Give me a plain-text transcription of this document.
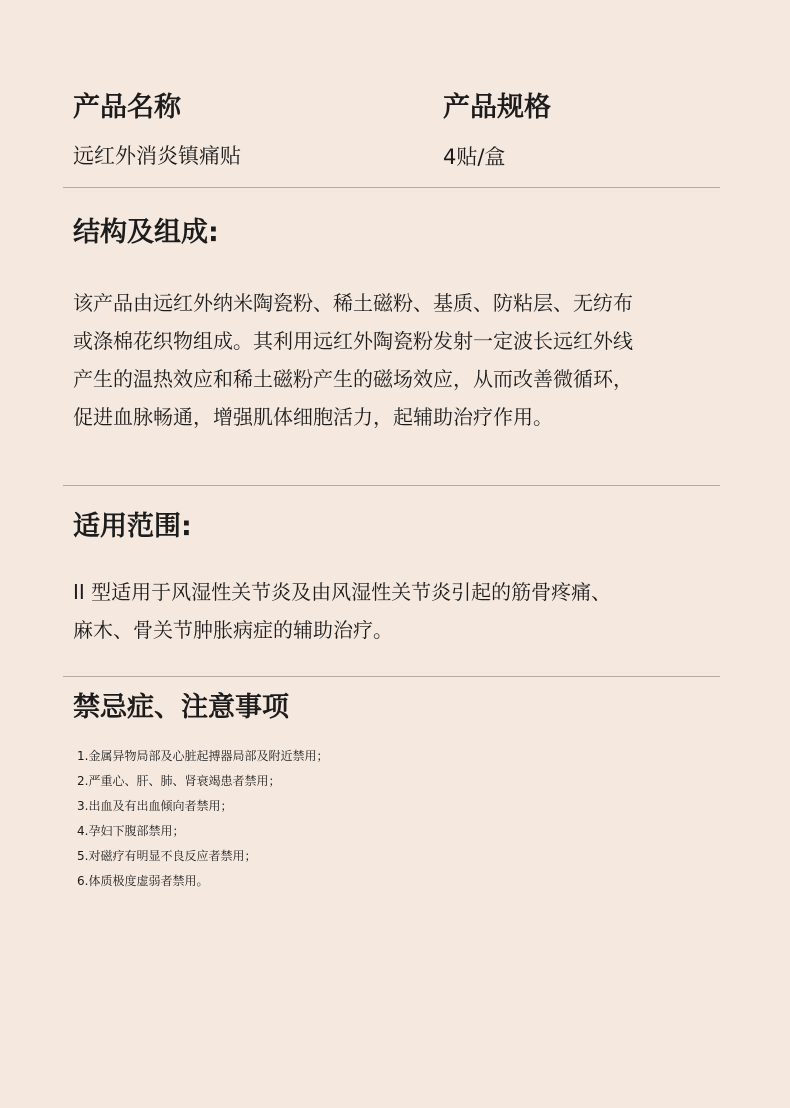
产品名称
远红外消炎镇痛贴
产品规格
4贴/盒
结构及组成:

该产品由远红外纳米陶瓷粉、稀土磁粉、基质、防粘层、无纺布

或涤棉花织物组成。其利用远红外陶瓷粉发射一定波长远红外线

产生的温热效应和稀土磁粉产生的磁场效应，从而改善微循环，

促进血脉畅通，增强肌体细胞活力，起辅助治疗作用。

适用范围:

II 型适用于风湿性关节炎及由风湿性关节炎引起的筋骨疼痛、

麻木、骨关节肿胀病症的辅助治疗。

禁忌症、注意事项

1.金属异物局部及心脏起搏器局部及附近禁用；

2.严重心、肝、肺、肾衰竭患者禁用；

3.出血及有出血倾向者禁用；

4.孕妇下腹部禁用；

5.对磁疗有明显不良反应者禁用；

6.体质极度虚弱者禁用。
